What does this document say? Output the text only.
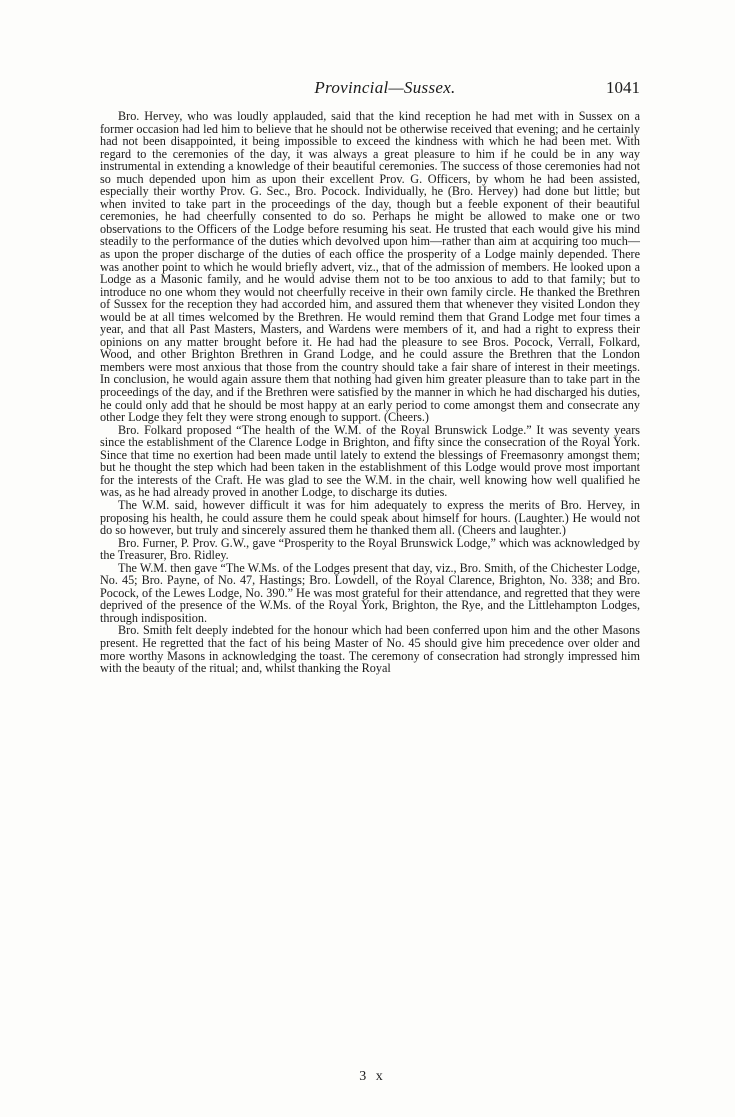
Provincial—Sussex.	1041

Bro. Hervey, who was loudly applauded, said that the kind reception he had met with in Sussex on a former occasion had led him to believe that he should not be otherwise received that evening; and he certainly had not been disappointed, it being impossible to exceed the kindness with which he had been met. With regard to the ceremonies of the day, it was always a great pleasure to him if he could be in any way instrumental in extending a knowledge of their beautiful ceremonies. The success of those ceremonies had not so much depended upon him as upon their excellent Prov. G. Officers, by whom he had been assisted, especially their worthy Prov. G. Sec., Bro. Pocock. Individually, he (Bro. Hervey) had done but little; but when invited to take part in the proceedings of the day, though but a feeble exponent of their beautiful ceremonies, he had cheerfully consented to do so. Perhaps he might be allowed to make one or two observations to the Officers of the Lodge before resuming his seat. He trusted that each would give his mind steadily to the performance of the duties which devolved upon him—rather than aim at acquiring too much—as upon the proper discharge of the duties of each office the prosperity of a Lodge mainly depended. There was another point to which he would briefly advert, viz., that of the admission of members. He looked upon a Lodge as a Masonic family, and he would advise them not to be too anxious to add to that family; but to introduce no one whom they would not cheerfully receive in their own family circle. He thanked the Brethren of Sussex for the reception they had accorded him, and assured them that whenever they visited London they would be at all times welcomed by the Brethren. He would remind them that Grand Lodge met four times a year, and that all Past Masters, Masters, and Wardens were members of it, and had a right to express their opinions on any matter brought before it. He had had the pleasure to see Bros. Pocock, Verrall, Folkard, Wood, and other Brighton Brethren in Grand Lodge, and he could assure the Brethren that the London members were most anxious that those from the country should take a fair share of interest in their meetings. In conclusion, he would again assure them that nothing had given him greater pleasure than to take part in the proceedings of the day, and if the Brethren were satisfied by the manner in which he had discharged his duties, he could only add that he should be most happy at an early period to come amongst them and consecrate any other Lodge they felt they were strong enough to support. (Cheers.)

Bro. Folkard proposed “The health of the W.M. of the Royal Brunswick Lodge.” It was seventy years since the establishment of the Clarence Lodge in Brighton, and fifty since the consecration of the Royal York. Since that time no exertion had been made until lately to extend the blessings of Freemasonry amongst them; but he thought the step which had been taken in the establishment of this Lodge would prove most important for the interests of the Craft. He was glad to see the W.M. in the chair, well knowing how well qualified he was, as he had already proved in another Lodge, to discharge its duties.

The W.M. said, however difficult it was for him adequately to express the merits of Bro. Hervey, in proposing his health, he could assure them he could speak about himself for hours. (Laughter.) He would not do so however, but truly and sincerely assured them he thanked them all. (Cheers and laughter.)

Bro. Furner, P. Prov. G.W., gave “Prosperity to the Royal Brunswick Lodge,” which was acknowledged by the Treasurer, Bro. Ridley.

The W.M. then gave “The W.Ms. of the Lodges present that day, viz., Bro. Smith, of the Chichester Lodge, No. 45; Bro. Payne, of No. 47, Hastings; Bro. Lowdell, of the Royal Clarence, Brighton, No. 338; and Bro. Pocock, of the Lewes Lodge, No. 390.” He was most grateful for their attendance, and regretted that they were deprived of the presence of the W.Ms. of the Royal York, Brighton, the Rye, and the Littlehampton Lodges, through indisposition.

Bro. Smith felt deeply indebted for the honour which had been conferred upon him and the other Masons present. He regretted that the fact of his being Master of No. 45 should give him precedence over older and more worthy Masons in acknowledging the toast. The ceremony of consecration had strongly impressed him with the beauty of the ritual; and, whilst thanking the Royal

3 x
